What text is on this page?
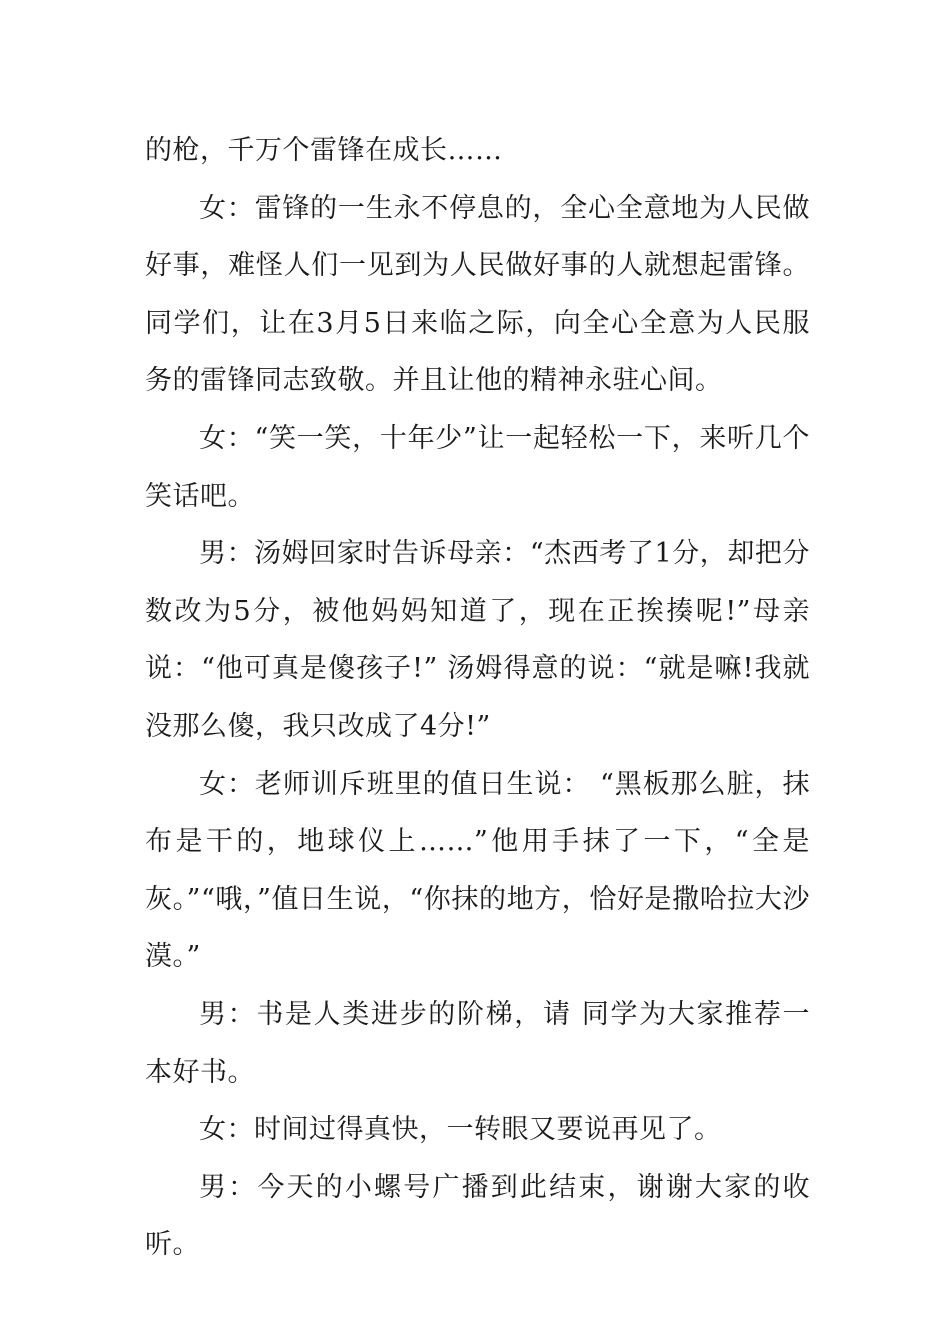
的枪，千万个雷锋在成长……

女：雷锋的一生永不停息的，全心全意地为人民做好事，难怪人们一见到为人民做好事的人就想起雷锋。同学们，让在3月5日来临之际，向全心全意为人民服务的雷锋同志致敬。并且让他的精神永驻心间。

女：“笑一笑，十年少”让一起轻松一下，来听几个笑话吧。

男：汤姆回家时告诉母亲：“杰西考了1分，却把分数改为5分，被他妈妈知道了，现在正挨揍呢!”母亲说：“他可真是傻孩子!” 汤姆得意的说：“就是嘛!我就没那么傻，我只改成了4分!”

女：老师训斥班里的值日生说： “黑板那么脏，抹布是干的，地球仪上……”他用手抹了一下，“全是灰。”“哦，”值日生说，“你抹的地方，恰好是撒哈拉大沙漠。”

男：书是人类进步的阶梯，请 同学为大家推荐一本好书。

女：时间过得真快，一转眼又要说再见了。

男：今天的小螺号广播到此结束，谢谢大家的收听。
